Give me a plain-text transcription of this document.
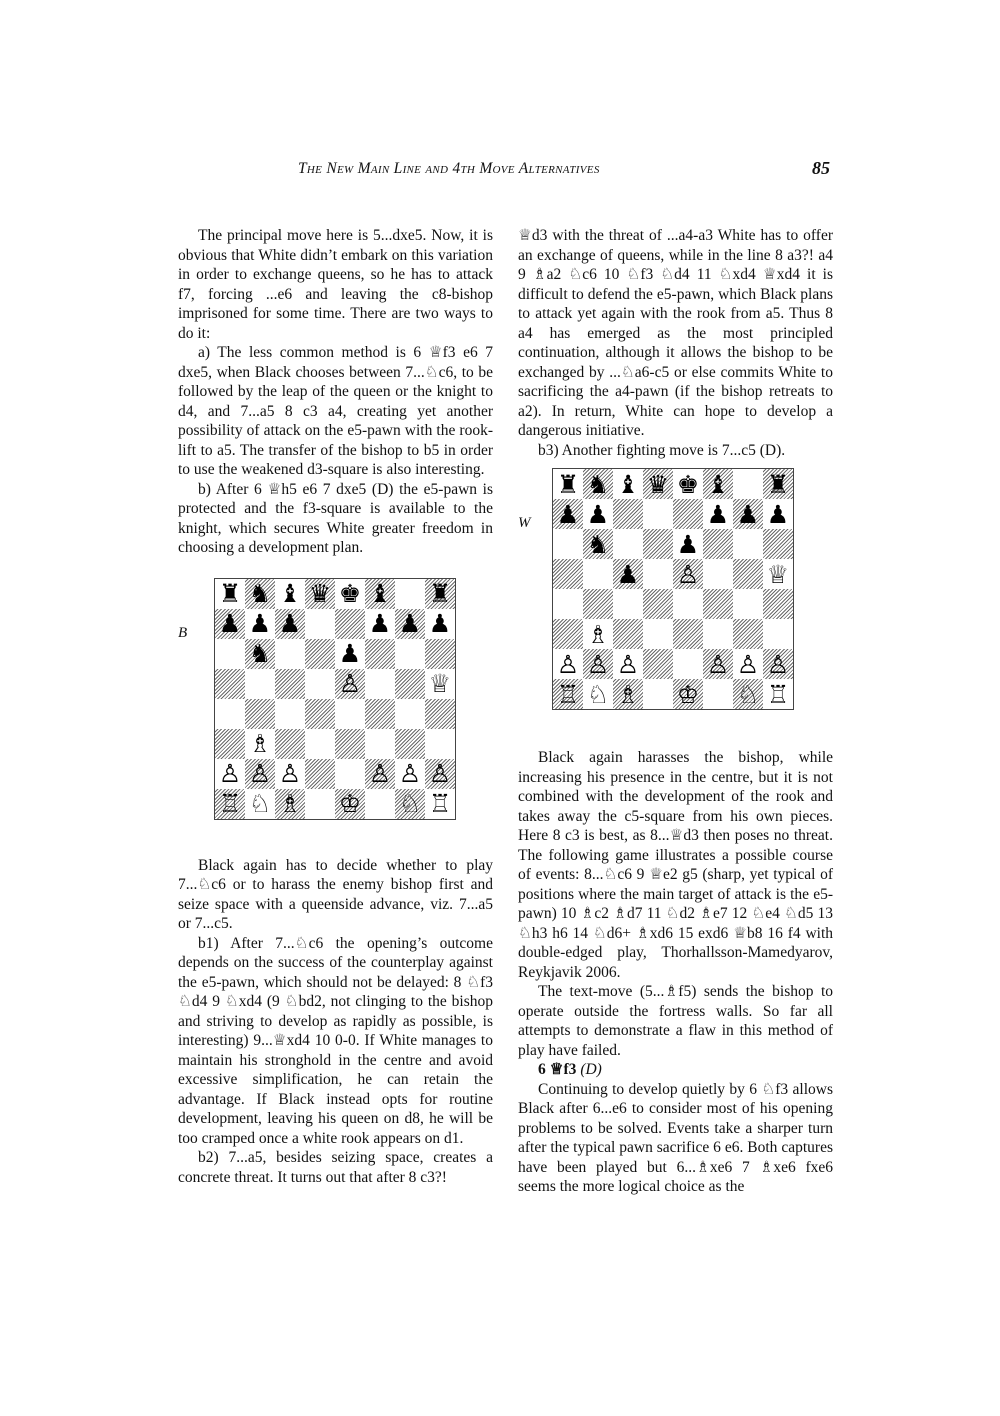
The New Main Line and 4th Move Alternatives	85

The principal move here is 5...dxe5. Now, it is obvious that White didn’t embark on this variation in order to exchange queens, so he has to attack f7, forcing ...e6 and leaving the c8-bishop imprisoned for some time. There are two ways to do it:

a) The less common method is 6 ♕f3 e6 7 dxe5, when Black chooses between 7...♘c6, to be followed by the leap of the queen or the knight to d4, and 7...a5 8 c3 a4, creating yet another possibility of attack on the e5-pawn with the rook-lift to a5. The transfer of the bishop to b5 in order to use the weakened d3-square is also interesting.

b) After 6 ♕h5 e6 7 dxe5 (D) the e5-pawn is protected and the f3-square is available to the knight, which secures White greater freedom in choosing a development plan.

B
♜ ♞ ♝ ♛ ♚ ♝ ♜
♟ ♟ ♟	♟ ♟ ♟
♞	♟
♙	♕
♗
♙ ♙ ♙	♙ ♙ ♙
♖ ♘ ♗ ♔ ♘ ♖

Black again has to decide whether to play 7...♘c6 or to harass the enemy bishop first and seize space with a queenside advance, viz. 7...a5 or 7...c5.

b1) After 7...♘c6 the opening’s outcome depends on the success of the counterplay against the e5-pawn, which should not be delayed: 8 ♘f3 ♘d4 9 ♘xd4 (9 ♘bd2, not clinging to the bishop and striving to develop as rapidly as possible, is interesting) 9...♕xd4 10 0-0. If White manages to maintain his stronghold in the centre and avoid excessive simplification, he can retain the advantage. If Black instead opts for routine development, leaving his queen on d8, he will be too cramped once a white rook appears on d1.

b2) 7...a5, besides seizing space, creates a concrete threat. It turns out that after 8 c3?!

♕d3 with the threat of ...a4-a3 White has to offer an exchange of queens, while in the line 8 a3?! a4 9 ♗a2 ♘c6 10 ♘f3 ♘d4 11 ♘xd4 ♕xd4 it is difficult to defend the e5-pawn, which Black plans to attack yet again with the rook from a5. Thus 8 a4 has emerged as the most principled continuation, although it allows the bishop to be exchanged by ...♘a6-c5 or else commits White to sacrificing the a4-pawn (if the bishop retreats to a2). In return, White can hope to develop a dangerous initiative.

b3) Another fighting move is 7...c5 (D).

W
♜ ♞ ♝ ♛ ♚ ♝ ♜
♟ ♟	♟ ♟ ♟
♞	♟
♟ ♙	♕
♗
♙ ♙ ♙	♙ ♙ ♙
♖ ♘ ♗ ♔ ♘ ♖

Black again harasses the bishop, while increasing his presence in the centre, but it is not combined with the development of the rook and takes away the c5-square from his own pieces. Here 8 c3 is best, as 8...♕d3 then poses no threat. The following game illustrates a possible course of events: 8...♘c6 9 ♕e2 g5 (sharp, yet typical of positions where the main target of attack is the e5-pawn) 10 ♗c2 ♗d7 11 ♘d2 ♗e7 12 ♘e4 ♘d5 13 ♘h3 h6 14 ♘d6+ ♗xd6 15 exd6 ♕b8 16 f4 with double-edged play, Thorhallsson-Mamedyarov, Reykjavik 2006.

The text-move (5...♗f5) sends the bishop to operate outside the fortress walls. So far all attempts to demonstrate a flaw in this method of play have failed.

6 ♕f3 (D)

Continuing to develop quietly by 6 ♘f3 allows Black after 6...e6 to consider most of his opening problems to be solved. Events take a sharper turn after the typical pawn sacrifice 6 e6. Both captures have been played but 6...♗xe6 7 ♗xe6 fxe6 seems the more logical choice as the
